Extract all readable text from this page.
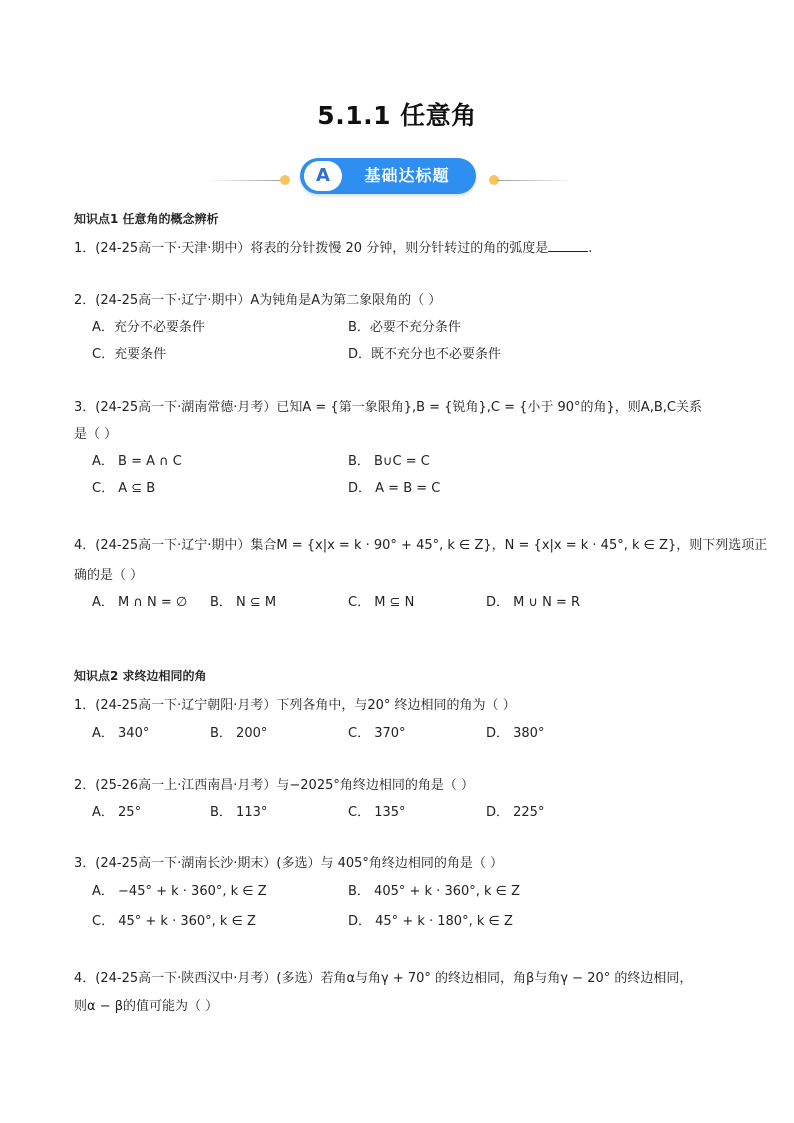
5.1.1 任意角
A	基础达标题
知识点1 任意角的概念辨析
1．(24-25高一下·天津·期中）将表的分针拨慢 20 分钟，则分针转过的角的弧度是	.
2．(24-25高一下·辽宁·期中）A为钝角是A为第二象限角的（ ）
A．充分不必要条件	B．必要不充分条件
C．充要条件	D．既不充分也不必要条件
3．(24-25高一下·湖南常德·月考）已知A = {第一象限角},B = {锐角},C = {小于 90°的角}，则A,B,C关系
是（ ）
A． B = A ∩ C	B． B∪C = C
C． A ⊆ B	D． A = B = C
4．(24-25高一下·辽宁·期中）集合M = {x|x = k · 90° + 45°, k ∈ Z}，N = {x|x = k · 45°, k ∈ Z}，则下列选项正
确的是（ ）
A． M ∩ N = ∅ B． N ⊆ M	C． M ⊆ N	D． M ∪ N = R
知识点2 求终边相同的角
1．(24-25高一下·辽宁朝阳·月考）下列各角中，与20° 终边相同的角为（ ）
A． 340°	B． 200°	C． 370°	D． 380°
2．(25-26高一上·江西南昌·月考）与−2025°角终边相同的角是（ ）
A． 25°	B． 113°	C． 135°	D． 225°
3．(24-25高一下·湖南长沙·期末）(多选）与 405°角终边相同的角是（ ）
A． −45° + k · 360°, k ∈ Z	B． 405° + k · 360°, k ∈ Z
C． 45° + k · 360°, k ∈ Z	D． 45° + k · 180°, k ∈ Z
4．(24-25高一下·陕西汉中·月考）(多选）若角α与角γ + 70° 的终边相同，角β与角γ − 20° 的终边相同，
则α − β的值可能为（ ）
